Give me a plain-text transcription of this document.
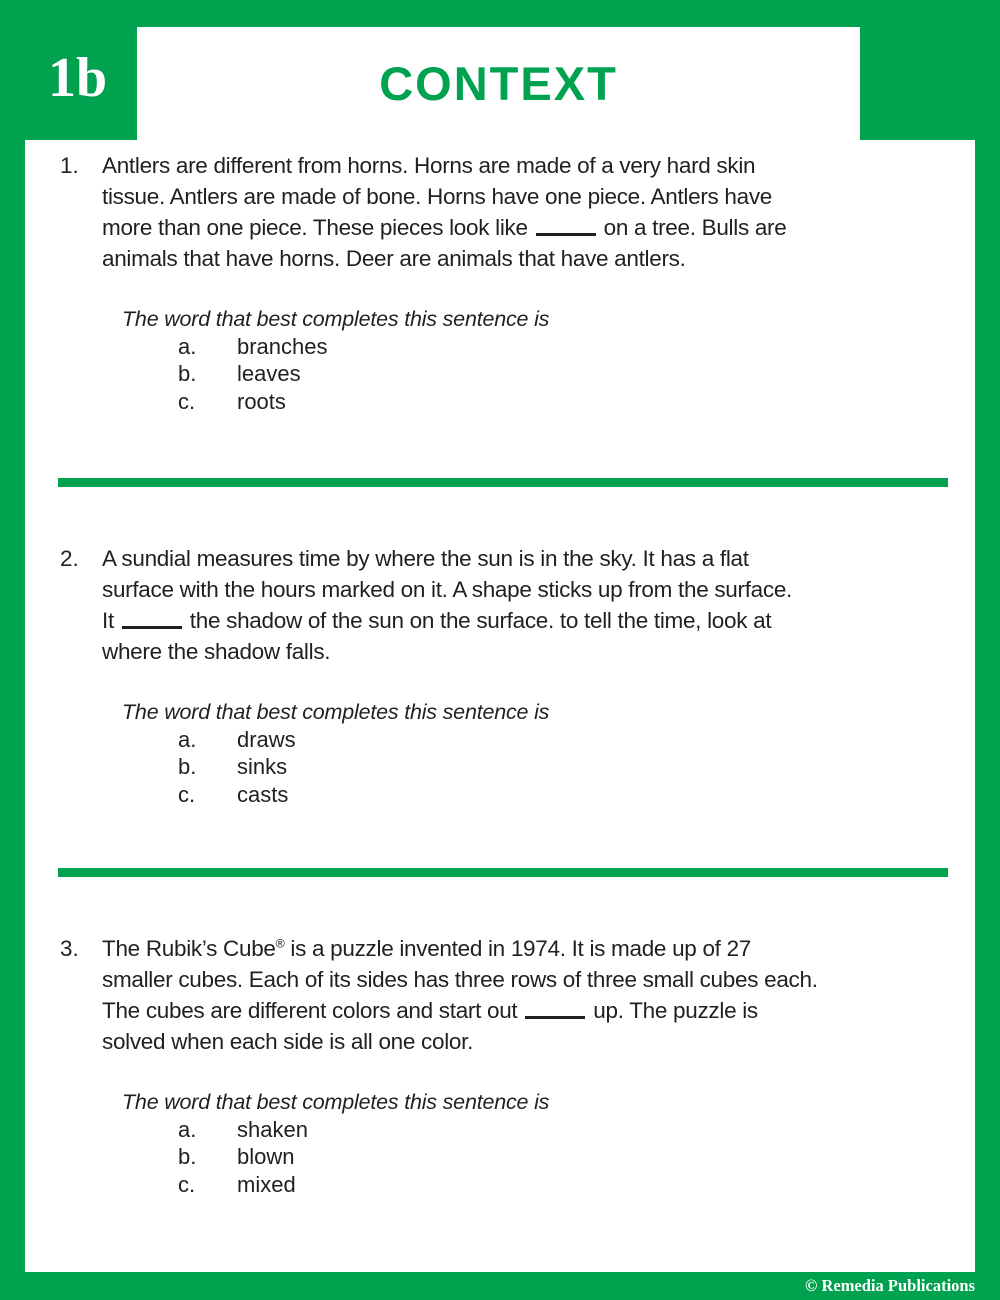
1b	CONTEXT
1. Antlers are different from horns. Horns are made of a very hard skin
tissue. Antlers are made of bone. Horns have one piece. Antlers have
more than one piece. These pieces look like	on a tree. Bulls are
animals that have horns. Deer are animals that have antlers.
The word that best completes this sentence is
a.	branches
b.	leaves
c.	roots
2. A sundial measures time by where the sun is in the sky. It has a flat
surface with the hours marked on it. A shape sticks up from the surface.
It	the shadow of the sun on the surface. to tell the time, look at
where the shadow falls.
The word that best completes this sentence is
a.	draws
b.	sinks
c.	casts
3. The Rubik’s Cube® is a puzzle invented in 1974. It is made up of 27
smaller cubes. Each of its sides has three rows of three small cubes each.
The cubes are different colors and start out	up. The puzzle is
solved when each side is all one color.
The word that best completes this sentence is
a.	shaken
b.	blown
c.	mixed
© Remedia Publications
